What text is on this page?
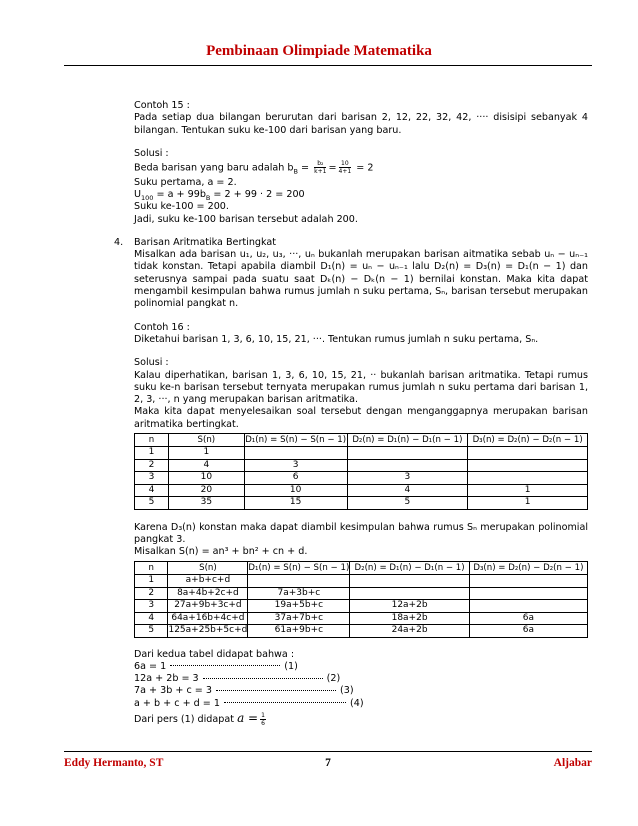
Pembinaan Olimpiade Matematika

Contoh 15 :

Pada setiap dua bilangan berurutan dari barisan 2, 12, 22, 32, 42, ···· disisipi sebanyak 4 bilangan. Tentukan suku ke-100 dari barisan yang baru.

Solusi :

Beda barisan yang baru adalah $b_B = \frac{\text{b₂}}{k+1} = \frac{10}{4+1} = 2$

Suku pertama, a = 2.

$U_{100} = a + 99b_B = 2 + 99 \cdot 2 = 200$

Suku ke-100 = 200.

Jadi, suku ke-100 barisan tersebut adalah 200.

4. Barisan Aritmatika Bertingkat

Misalkan ada barisan u₁, u₂, u₃, ···, uₙ bukanlah merupakan barisan aitmatika sebab uₙ − uₙ₋₁ tidak konstan. Tetapi apabila diambil D₁(n) = uₙ − uₙ₋₁ lalu D₂(n) = D₃(n) = D₁(n − 1) dan seterusnya sampai pada suatu saat Dₖ(n) − Dₖ(n − 1) bernilai konstan. Maka kita dapat mengambil kesimpulan bahwa rumus jumlah n suku pertama, Sₙ, barisan tersebut merupakan polinomial pangkat n.

Contoh 16 :

Diketahui barisan 1, 3, 6, 10, 15, 21, ···. Tentukan rumus jumlah n suku pertama, Sₙ.

Solusi :

Kalau diperhatikan, barisan 1, 3, 6, 10, 15, 21, ·· bukanlah barisan aritmatika. Tetapi rumus suku ke-n barisan tersebut ternyata merupakan rumus jumlah n suku pertama dari barisan 1, 2, 3, ···, n yang merupakan barisan aritmatika.

Maka kita dapat menyelesaikan soal tersebut dengan menganggapnya merupakan barisan aritmatika bertingkat.

n	S(n)	D₁(n) = S(n) − S(n − 1)	D₂(n) = D₁(n) − D₁(n − 1)	D₃(n) = D₂(n) − D₂(n − 1)
1	1			
2	4	3		
3	10	6	3	
4	20	10	4	1
5	35	15	5	1

Karena D₃(n) konstan maka dapat diambil kesimpulan bahwa rumus Sₙ merupakan polinomial pangkat 3.

Misalkan S(n) = an³ + bn² + cn + d.

n	S(n)	D₁(n) = S(n) − S(n − 1)	D₂(n) = D₁(n) − D₁(n − 1)	D₃(n) = D₂(n) − D₂(n − 1)
1	a+b+c+d			
2	8a+4b+2c+d	7a+3b+c		
3	27a+9b+3c+d	19a+5b+c	12a+2b	
4	64a+16b+4c+d	37a+7b+c	18a+2b	6a
5	125a+25b+5c+d	61a+9b+c	24a+2b	6a

Dari kedua tabel didapat bahwa :

6a = 1	(1)

12a + 2b = 3	(2)

7a + 3b + c = 3	(3)

a + b + c + d = 1	(4)

Dari pers (1) didapat $a = \frac{1}{6}$

Eddy Hermanto, ST	7	Aljabar
